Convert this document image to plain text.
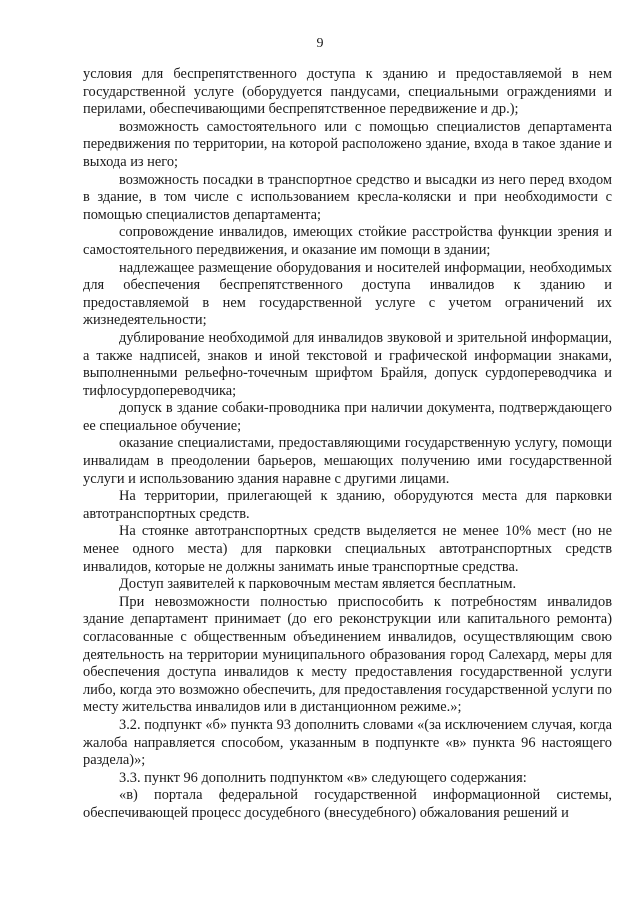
9

условия для беспрепятственного доступа к зданию и предоставляемой в нем государственной услуге (оборудуется пандусами, специальными ограждениями и перилами, обеспечивающими беспрепятственное передвижение и др.);

возможность самостоятельного или с помощью специалистов департамента передвижения по территории, на которой расположено здание, входа в такое здание и выхода из него;

возможность посадки в транспортное средство и высадки из него перед входом в здание, в том числе с использованием кресла-коляски и при необходимости с помощью специалистов департамента;

сопровождение инвалидов, имеющих стойкие расстройства функции зрения и самостоятельного передвижения, и оказание им помощи в здании;

надлежащее размещение оборудования и носителей информации, необходимых для обеспечения беспрепятственного доступа инвалидов к зданию и предоставляемой в нем государственной услуге с учетом ограничений их жизнедеятельности;

дублирование необходимой для инвалидов звуковой и зрительной информации, а также надписей, знаков и иной текстовой и графической информации знаками, выполненными рельефно-точечным шрифтом Брайля, допуск сурдопереводчика и тифлосурдопереводчика;

допуск в здание собаки-проводника при наличии документа, подтверждающего ее специальное обучение;

оказание специалистами, предоставляющими государственную услугу, помощи инвалидам в преодолении барьеров, мешающих получению ими государственной услуги и использованию здания наравне с другими лицами.

На территории, прилегающей к зданию, оборудуются места для парковки автотранспортных средств.

На стоянке автотранспортных средств выделяется не менее 10% мест (но не менее одного места) для парковки специальных автотранспортных средств инвалидов, которые не должны занимать иные транспортные средства.

Доступ заявителей к парковочным местам является бесплатным.

При невозможности полностью приспособить к потребностям инвалидов здание департамент принимает (до его реконструкции или капитального ремонта) согласованные с общественным объединением инвалидов, осуществляющим свою деятельность на территории муниципального образования город Салехард, меры для обеспечения доступа инвалидов к месту предоставления государственной услуги либо, когда это возможно обеспечить, для предоставления государственной услуги по месту жительства инвалидов или в дистанционном режиме.»;

3.2. подпункт «б» пункта 93 дополнить словами «(за исключением случая, когда жалоба направляется способом, указанным в подпункте «в» пункта 96 настоящего раздела)»;

3.3. пункт 96 дополнить подпунктом «в» следующего содержания:

«в) портала федеральной государственной информационной системы, обеспечивающей процесс досудебного (внесудебного) обжалования решений и
